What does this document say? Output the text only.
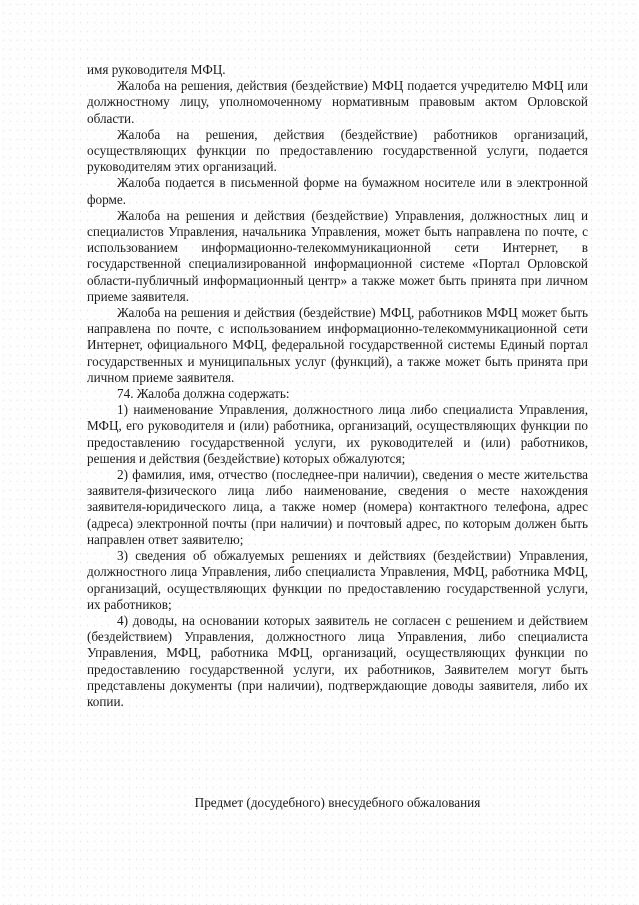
имя руководителя МФЦ.

Жалоба на решения, действия (бездействие) МФЦ подается учредителю МФЦ или должностному лицу, уполномоченному нормативным правовым актом Орловской области.

Жалоба на решения, действия (бездействие) работников организаций, осуществляющих функции по предоставлению государственной услуги, подается руководителям этих организаций.

Жалоба подается в письменной форме на бумажном носителе или в электронной форме.

Жалоба на решения и действия (бездействие) Управления, должностных лиц и специалистов Управления, начальника Управления, может быть направлена по почте, с использованием информационно-телекоммуникационной сети Интернет, в государственной специализированной информационной системе «Портал Орловской области-публичный информационный центр» а также может быть принята при личном приеме заявителя.

Жалоба на решения и действия (бездействие) МФЦ, работников МФЦ может быть направлена по почте, с использованием информационно-телекоммуникационной сети Интернет, официального МФЦ, федеральной государственной системы Единый портал государственных и муниципальных услуг (функций), а также может быть принята при личном приеме заявителя.

74. Жалоба должна содержать:

1) наименование Управления, должностного лица либо специалиста Управления, МФЦ, его руководителя и (или) работника, организаций, осуществляющих функции по предоставлению государственной услуги, их руководителей и (или) работников, решения и действия (бездействие) которых обжалуются;

2) фамилия, имя, отчество (последнее-при наличии), сведения о месте жительства заявителя-физического лица либо наименование, сведения о месте нахождения заявителя-юридического лица, а также номер (номера) контактного телефона, адрес (адреса) электронной почты (при наличии) и почтовый адрес, по которым должен быть направлен ответ заявителю;

3) сведения об обжалуемых решениях и действиях (бездействии) Управления, должностного лица Управления, либо специалиста Управления, МФЦ, работника МФЦ, организаций, осуществляющих функции по предоставлению государственной услуги, их работников;

4) доводы, на основании которых заявитель не согласен с решением и действием (бездействием) Управления, должностного лица Управления, либо специалиста Управления, МФЦ, работника МФЦ, организаций, осуществляющих функции по предоставлению государственной услуги, их работников, Заявителем могут быть представлены документы (при наличии), подтверждающие доводы заявителя, либо их копии.

Предмет (досудебного) внесудебного обжалования
